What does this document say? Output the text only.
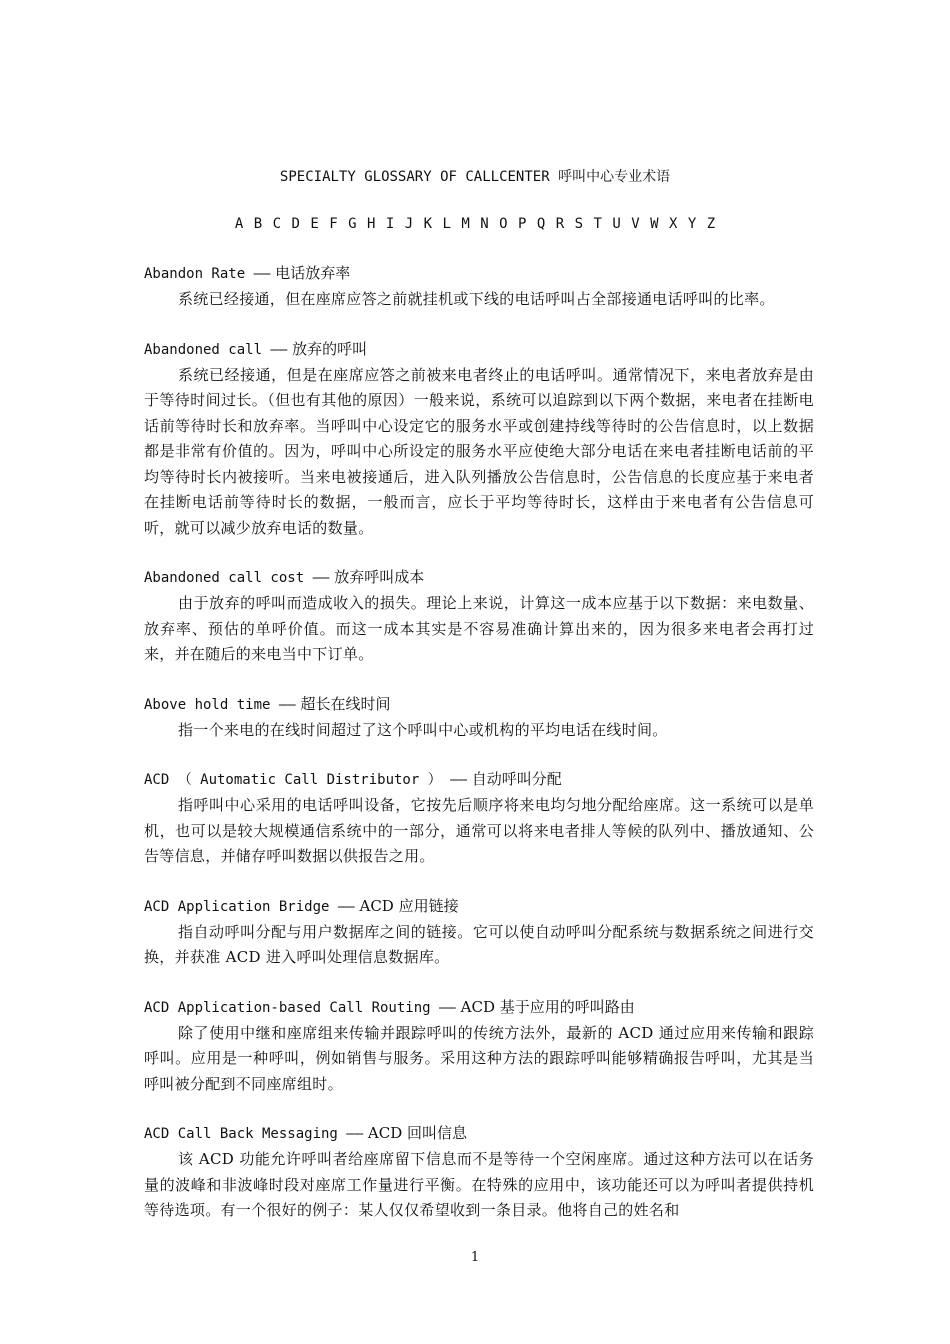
SPECIALTY GLOSSARY OF CALLCENTER 呼叫中心专业术语
A B C D E F G H I J K L M N O P Q R S T U V W X Y Z
Abandon Rate —— 电话放弃率
系统已经接通，但在座席应答之前就挂机或下线的电话呼叫占全部接通电话呼叫的比率。
Abandoned call —— 放弃的呼叫
系统已经接通，但是在座席应答之前被来电者终止的电话呼叫。通常情况下，来电者放弃是由于等待时间过长。（但也有其他的原因）一般来说，系统可以追踪到以下两个数据，来电者在挂断电话前等待时长和放弃率。当呼叫中心设定它的服务水平或创建持线等待时的公告信息时，以上数据都是非常有价值的。因为，呼叫中心所设定的服务水平应使绝大部分电话在来电者挂断电话前的平均等待时长内被接听。当来电被接通后，进入队列播放公告信息时，公告信息的长度应基于来电者在挂断电话前等待时长的数据，一般而言，应长于平均等待时长，这样由于来电者有公告信息可听，就可以减少放弃电话的数量。
Abandoned call cost —— 放弃呼叫成本
由于放弃的呼叫而造成收入的损失。理论上来说，计算这一成本应基于以下数据：来电数量、放弃率、预估的单呼价值。而这一成本其实是不容易准确计算出来的，因为很多来电者会再打过来，并在随后的来电当中下订单。
Above hold time —— 超长在线时间
指一个来电的在线时间超过了这个呼叫中心或机构的平均电话在线时间。
ACD （ Automatic Call Distributor ） —— 自动呼叫分配
指呼叫中心采用的电话呼叫设备，它按先后顺序将来电均匀地分配给座席。这一系统可以是单机，也可以是较大规模通信系统中的一部分，通常可以将来电者排人等候的队列中、播放通知、公告等信息，并储存呼叫数据以供报告之用。
ACD Application Bridge —— ACD 应用链接
指自动呼叫分配与用户数据库之间的链接。它可以使自动呼叫分配系统与数据系统之间进行交换，并获准 ACD 进入呼叫处理信息数据库。
ACD Application-based Call Routing —— ACD 基于应用的呼叫路由
除了使用中继和座席组来传输并跟踪呼叫的传统方法外，最新的 ACD 通过应用来传输和跟踪呼叫。应用是一种呼叫，例如销售与服务。采用这种方法的跟踪呼叫能够精确报告呼叫，尤其是当呼叫被分配到不同座席组时。
ACD Call Back Messaging —— ACD 回叫信息
该 ACD 功能允许呼叫者给座席留下信息而不是等待一个空闲座席。通过这种方法可以在话务量的波峰和非波峰时段对座席工作量进行平衡。在特殊的应用中，该功能还可以为呼叫者提供持机等待选项。有一个很好的例子：某人仅仅希望收到一条目录。他将自己的姓名和
1
